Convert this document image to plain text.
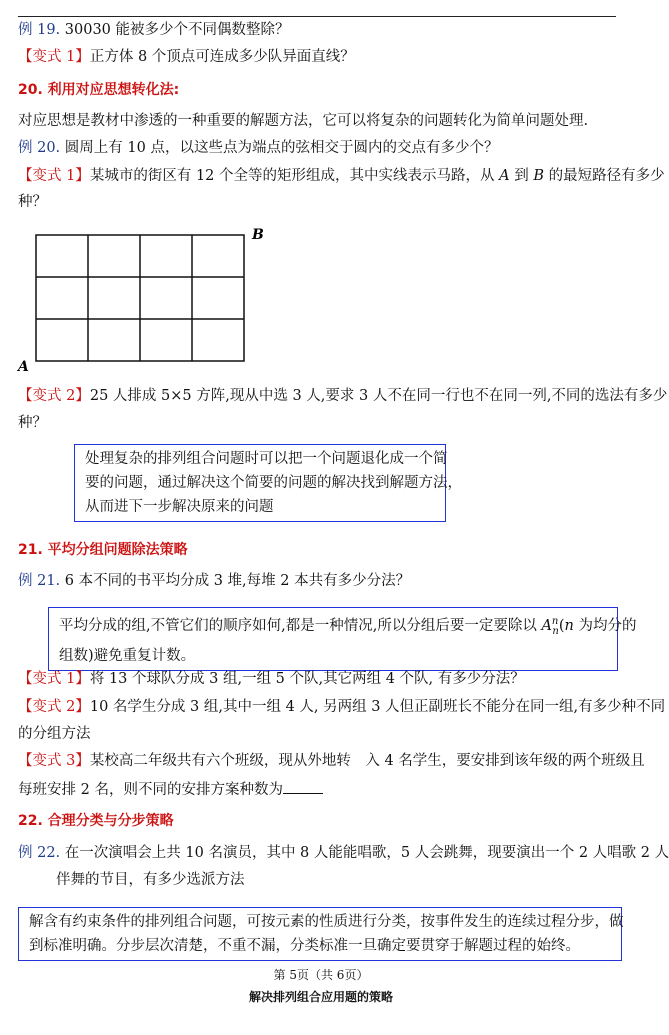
例 19. 30030 能被多少个不同偶数整除？
【变式 1】正方体 8 个顶点可连成多少队异面直线？
20. 利用对应思想转化法:
对应思想是教材中渗透的一种重要的解题方法，它可以将复杂的问题转化为简单问题处理.
例 20. 圆周上有 10 点，以这些点为端点的弦相交于圆内的交点有多少个？
【变式 1】某城市的街区有 12 个全等的矩形组成，其中实线表示马路，从 A 到 B 的最短路径有多少
种？
A
B
【变式 2】25 人排成 5×5 方阵,现从中选 3 人,要求 3 人不在同一行也不在同一列,不同的选法有多少
种？
处理复杂的排列组合问题时可以把一个问题退化成一个简
要的问题，通过解决这个简要的问题的解决找到解题方法，
从而进下一步解决原来的问题
21. 平均分组问题除法策略
例 21. 6 本不同的书平均分成 3 堆,每堆 2 本共有多少分法？
平均分成的组,不管它们的顺序如何,都是一种情况,所以分组后要一定要除以 $A^n_n(n$ 为均分的
组数)避免重复计数。
【变式 1】将 13 个球队分成 3 组,一组 5 个队,其它两组 4 个队, 有多少分法？
【变式 2】10 名学生分成 3 组,其中一组 4 人, 另两组 3 人但正副班长不能分在同一组,有多少种不同
的分组方法
【变式 3】某校高二年级共有六个班级，现从外地转　入 4 名学生，要安排到该年级的两个班级且
每班安排 2 名，则不同的安排方案种数为
22. 合理分类与分步策略
例 22. 在一次演唱会上共 10 名演员，其中 8 人能能唱歌，5 人会跳舞，现要演出一个 2 人唱歌 2 人
伴舞的节目，有多少选派方法
解含有约束条件的排列组合问题，可按元素的性质进行分类，按事件发生的连续过程分步，做
到标准明确。分步层次清楚，不重不漏，分类标准一旦确定要贯穿于解题过程的始终。
第 5页（共 6页）
解决排列组合应用题的策略
